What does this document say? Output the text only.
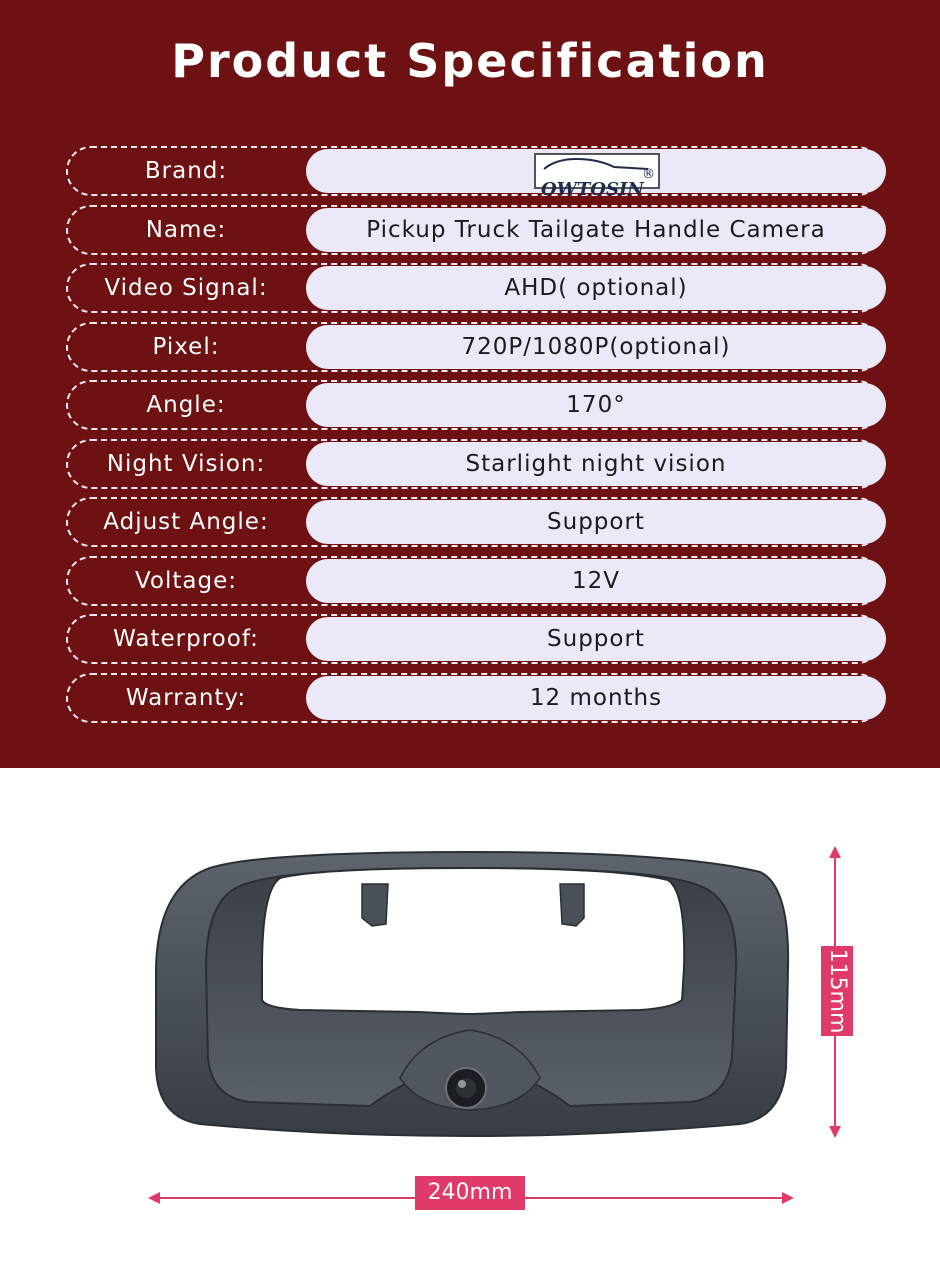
Product Specification
Brand:
OWTOSIN
®
Name:	Pickup Truck Tailgate Handle Camera
Video Signal:	AHD( optional)
Pixel:	720P/1080P(optional)
Angle:	170°
Night Vision:	Starlight night vision
Adjust Angle:	Support
Voltage:	12V
Waterproof:	Support
Warranty:	12 months
115mm
240mm
